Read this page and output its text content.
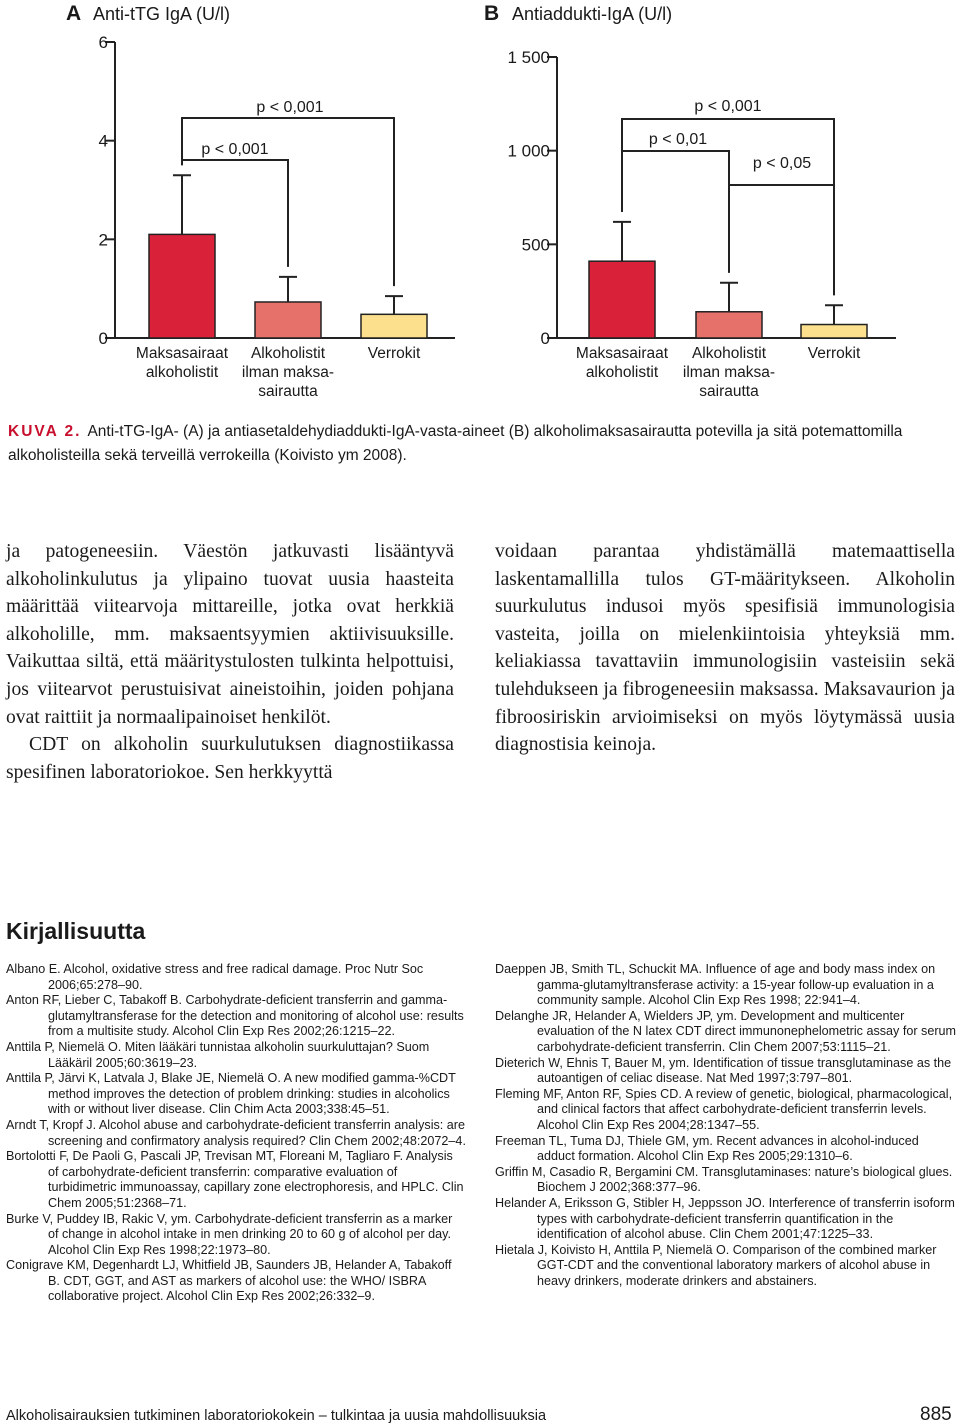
A Anti-tTG IgA (U/l)	B Antiaddukti-IgA (U/l)
0
2
4
6
Maksasairaat
alkoholistit
Alkoholistit
ilman maksa-
sairautta
Verrokit
p < 0,001
p < 0,001
0
500
1 000
1 500
Maksasairaat
alkoholistit
Alkoholistit
ilman maksa-
sairautta
Verrokit
p < 0,01
p < 0,001
p < 0,05
KUVA 2. Anti-tTG-IgA- (A) ja antiasetaldehydiaddukti-IgA-vasta-aineet (B) alkoholimaksasairautta potevilla ja sitä potemattomilla alkoholisteilla sekä terveillä verrokeilla (Koivisto ym 2008).

ja patogeneesiin. Väestön jatkuvasti lisääntyvä alkoholinkulutus ja ylipaino tuovat uusia haasteita määrittää viitearvoja mittareille, jotka ovat herkkiä alkoholille, mm. maksaentsyymien aktiivisuuksille. Vaikuttaa siltä, että määritystulosten tulkinta helpottuisi, jos viitearvot perustuisivat aineistoihin, joiden pohjana ovat raittiit ja normaalipainoiset henkilöt.

CDT on alkoholin suurkulutuksen diagnostiikassa spesifinen laboratoriokoe. Sen herkkyyttä

voidaan parantaa yhdistämällä matemaattisella laskentamallilla tulos GT-määritykseen. Alkoholin suurkulutus indusoi myös spesifisiä immunologisia vasteita, joilla on mielenkiintoisia yhteyksiä mm. keliakiassa tavattaviin immunologisiin vasteisiin sekä tulehdukseen ja fibrogeneesiin maksassa. Maksavaurion ja fibroosiriskin arvioimiseksi on myös löytymässä uusia diagnostisia keinoja.

Kirjallisuutta

Albano E. Alcohol, oxidative stress and free radical damage. Proc Nutr Soc 2006;65:278–90.

Anton RF, Lieber C, Tabakoff B. Carbohydrate-deficient transferrin and gamma-glutamyltransferase for the detection and monitoring of alcohol use: results from a multisite study. Alcohol Clin Exp Res 2002;26:1215–22.

Anttila P, Niemelä O. Miten lääkäri tunnistaa alkoholin suurkuluttajan? Suom Lääkäril 2005;60:3619–23.

Anttila P, Järvi K, Latvala J, Blake JE, Niemelä O. A new modified gamma-%CDT method improves the detection of problem drinking: studies in alcoholics with or without liver disease. Clin Chim Acta 2003;338:45–51.

Arndt T, Kropf J. Alcohol abuse and carbohydrate-deficient transferrin analysis: are screening and confirmatory analysis required? Clin Chem 2002;48:2072–4.

Bortolotti F, De Paoli G, Pascali JP, Trevisan MT, Floreani M, Tagliaro F. Analysis of carbohydrate-deficient transferrin: comparative evaluation of turbidimetric immunoassay, capillary zone electrophoresis, and HPLC. Clin Chem 2005;51:2368–71.

Burke V, Puddey IB, Rakic V, ym. Carbohydrate-deficient transferrin as a marker of change in alcohol intake in men drinking 20 to 60 g of alcohol per day. Alcohol Clin Exp Res 1998;22:1973–80.

Conigrave KM, Degenhardt LJ, Whitfield JB, Saunders JB, Helander A, Tabakoff B. CDT, GGT, and AST as markers of alcohol use: the WHO/ ISBRA collaborative project. Alcohol Clin Exp Res 2002;26:332–9.

Daeppen JB, Smith TL, Schuckit MA. Influence of age and body mass index on gamma-glutamyltransferase activity: a 15-year follow-up evaluation in a community sample. Alcohol Clin Exp Res 1998; 22:941–4.

Delanghe JR, Helander A, Wielders JP, ym. Development and multicenter evaluation of the N latex CDT direct immunonephelometric assay for serum carbohydrate-deficient transferrin. Clin Chem 2007;53:1115–21.

Dieterich W, Ehnis T, Bauer M, ym. Identification of tissue transglutaminase as the autoantigen of celiac disease. Nat Med 1997;3:797–801.

Fleming MF, Anton RF, Spies CD. A review of genetic, biological, pharmacological, and clinical factors that affect carbohydrate-deficient transferrin levels. Alcohol Clin Exp Res 2004;28:1347–55.

Freeman TL, Tuma DJ, Thiele GM, ym. Recent advances in alcohol-induced adduct formation. Alcohol Clin Exp Res 2005;29:1310–6.

Griffin M, Casadio R, Bergamini CM. Transglutaminases: nature’s biological glues. Biochem J 2002;368:377–96.

Helander A, Eriksson G, Stibler H, Jeppsson JO. Interference of transferrin isoform types with carbohydrate-deficient transferrin quantification in the identification of alcohol abuse. Clin Chem 2001;47:1225–33.

Hietala J, Koivisto H, Anttila P, Niemelä O. Comparison of the combined marker GGT-CDT and the conventional laboratory markers of alcohol abuse in heavy drinkers, moderate drinkers and abstainers.

Alkoholisairauksien tutkiminen laboratoriokokein – tulkintaa ja uusia mahdollisuuksia	885
